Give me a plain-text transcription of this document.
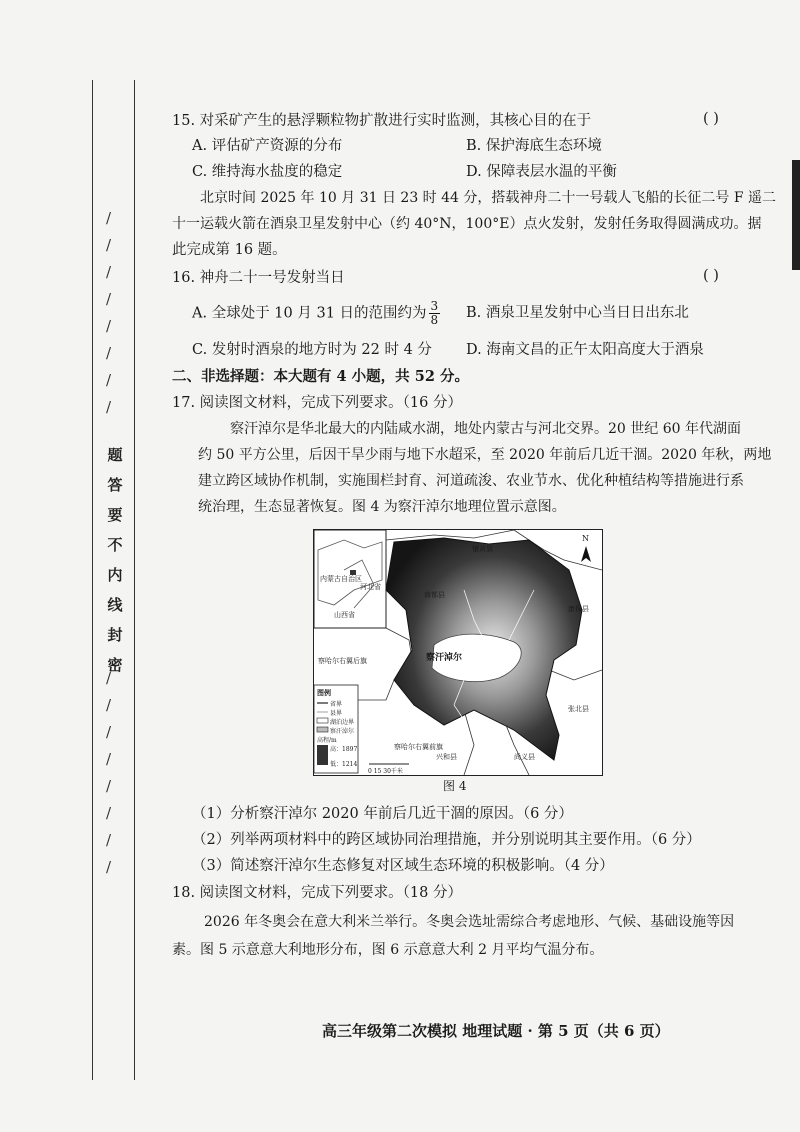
/
/
/
/
/
/
/
/
题
答
要
不
内
线
封
密
/
/
/
/
/
/
/
/
15. 对采矿产生的悬浮颗粒物扩散进行实时监测，其核心目的在于	( )
A. 评估矿产资源的分布	B. 保护海底生态环境
C. 维持海水盐度的稳定	D. 保障表层水温的平衡
北京时间 2025 年 10 月 31 日 23 时 44 分，搭载神舟二十一号载人飞船的长征二号 F 遥二
十一运载火箭在酒泉卫星发射中心（约 40°N，100°E）点火发射，发射任务取得圆满成功。据
此完成第 16 题。
16. 神舟二十一号发射当日	( )
A. 全球处于 10 月 31 日的范围约为 $\frac{3}{8} B$. 酒泉卫星发射中心当日日出东北
C. 发射时酒泉的地方时为 22 时 4 分 D. 海南文昌的正午太阳高度大于酒泉
二、非选择题：本大题有 4 小题，共 52 分。
17. 阅读图文材料，完成下列要求。（16 分）
察汗淖尔是华北最大的内陆咸水湖，地处内蒙古与河北交界。20 世纪 60 年代湖面
约 50 平方公里，后因干旱少雨与地下水超采，至 2020 年前后几近干涸。2020 年秋，两地
建立跨区域协作机制，实施围栏封育、河道疏浚、农业节水、优化种植结构等措施进行系
统治理，生态显著恢复。图 4 为察汗淖尔地理位置示意图。
内蒙古自治区
河北省
山西省
镶黄旗
商都县
康保县
察哈尔右翼后旗
察哈尔右翼前旗
兴和县	尚义县
张北县
察汗淖尔
N
图例
省界
县界
湖泊边界
察汗淖尔
高程/m
高：1897
低：1214
0 15 30千米
图 4
（1）分析察汗淖尔 2020 年前后几近干涸的原因。（6 分）
（2）列举两项材料中的跨区域协同治理措施，并分别说明其主要作用。（6 分）
（3）简述察汗淖尔生态修复对区域生态环境的积极影响。（4 分）
18. 阅读图文材料，完成下列要求。（18 分）
2026 年冬奥会在意大利米兰举行。冬奥会选址需综合考虑地形、气候、基础设施等因
素。图 5 示意意大利地形分布，图 6 示意意大利 2 月平均气温分布。
高三年级第二次模拟 地理试题 · 第 5 页（共 6 页）
